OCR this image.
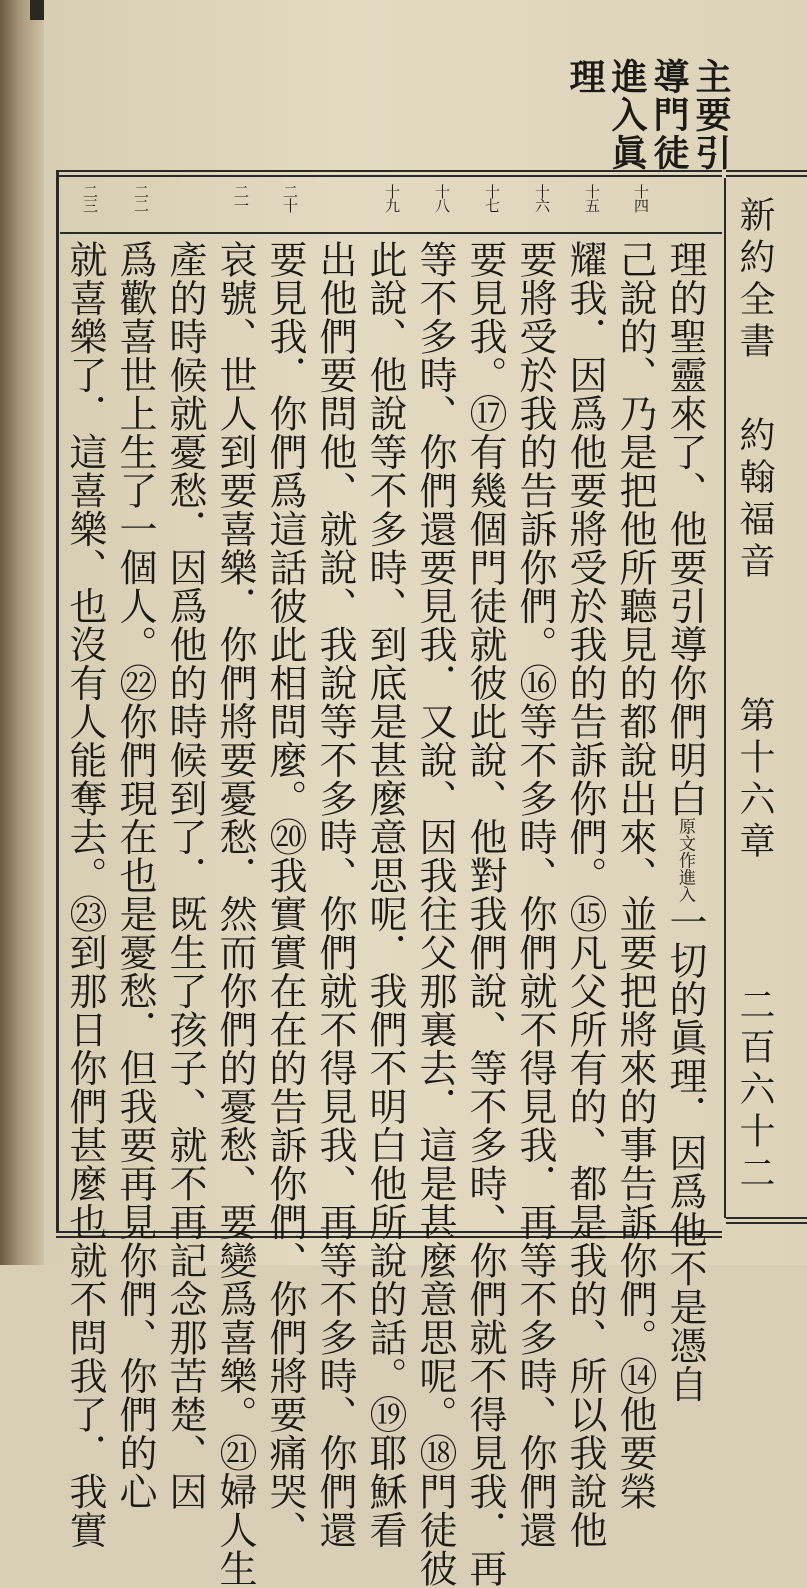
主要引
導門徒
進入眞
理
十四
十五
十六
十七
十八
十九
二十
二一
二二
二三
理的聖靈來了、他要引導你們明白原文作進入一切的眞理．因爲他不是憑自
己說的、乃是把他所聽見的都說出來、並要把將來的事告訴你們。⑭他要榮
耀我．因爲他要將受於我的告訴你們。⑮凡父所有的、都是我的、所以我說他
要將受於我的告訴你們。⑯等不多時、你們就不得見我．再等不多時、你們還
要見我。⑰有幾個門徒就彼此說、他對我們說、等不多時、你們就不得見我．再
等不多時、你們還要見我．又說、因我往父那裏去．這是甚麼意思呢。⑱門徒彼
此說、他說等不多時、到底是甚麼意思呢．我們不明白他所說的話。⑲耶穌看
出他們要問他、就說、我說等不多時、你們就不得見我、再等不多時、你們還
要見我．你們爲這話彼此相問麼。⑳我實實在在的告訴你們、你們將要痛哭、
哀號、世人到要喜樂．你們將要憂愁．然而你們的憂愁、要變爲喜樂。㉑婦人生
產的時候就憂愁．因爲他的時候到了．既生了孩子、就不再記念那苦楚、因
爲歡喜世上生了一個人。㉒你們現在也是憂愁．但我要再見你們、你們的心
就喜樂了．這喜樂、也沒有人能奪去。㉓到那日你們甚麼也就不問我了．我實	新約全書
約翰福音
第十六章
二百六十二
